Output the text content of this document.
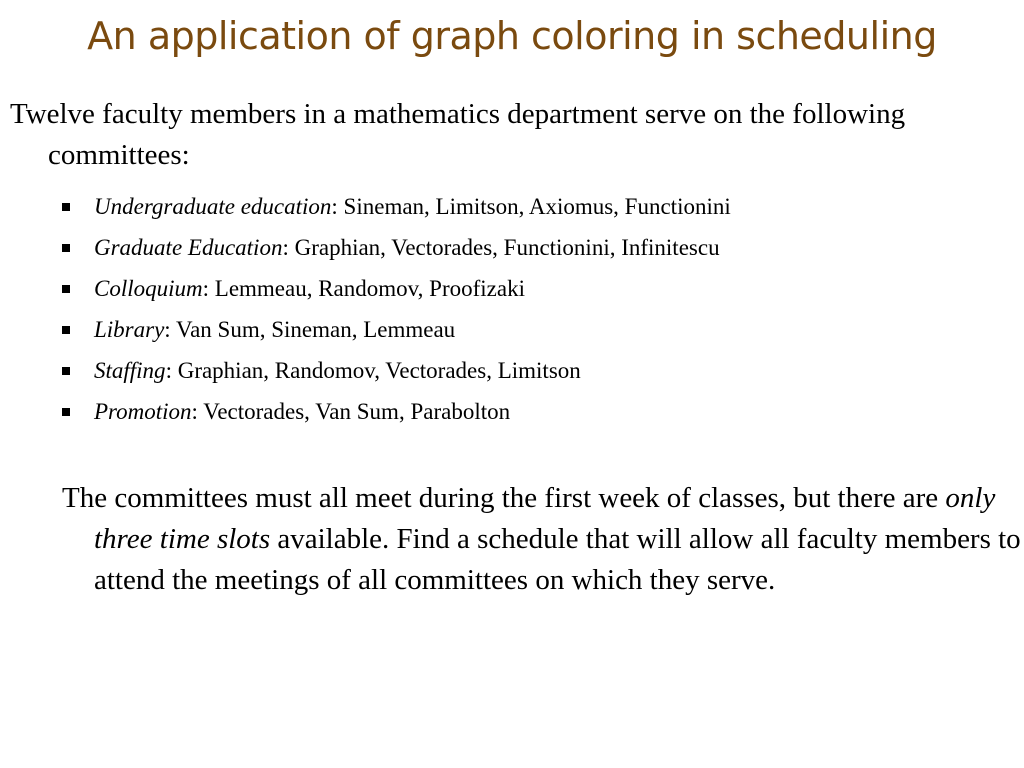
An application of graph coloring in scheduling
Twelve faculty members in a mathematics department serve on the following committees:
Undergraduate education: Sineman, Limitson, Axiomus, Functionini
Graduate Education: Graphian, Vectorades, Functionini, Infinitescu
Colloquium: Lemmeau, Randomov, Proofizaki
Library: Van Sum, Sineman, Lemmeau
Staffing: Graphian, Randomov, Vectorades, Limitson
Promotion: Vectorades, Van Sum, Parabolton
The committees must all meet during the first week of classes, but there are only three time slots available. Find a schedule that will allow all faculty members to attend the meetings of all committees on which they serve.
